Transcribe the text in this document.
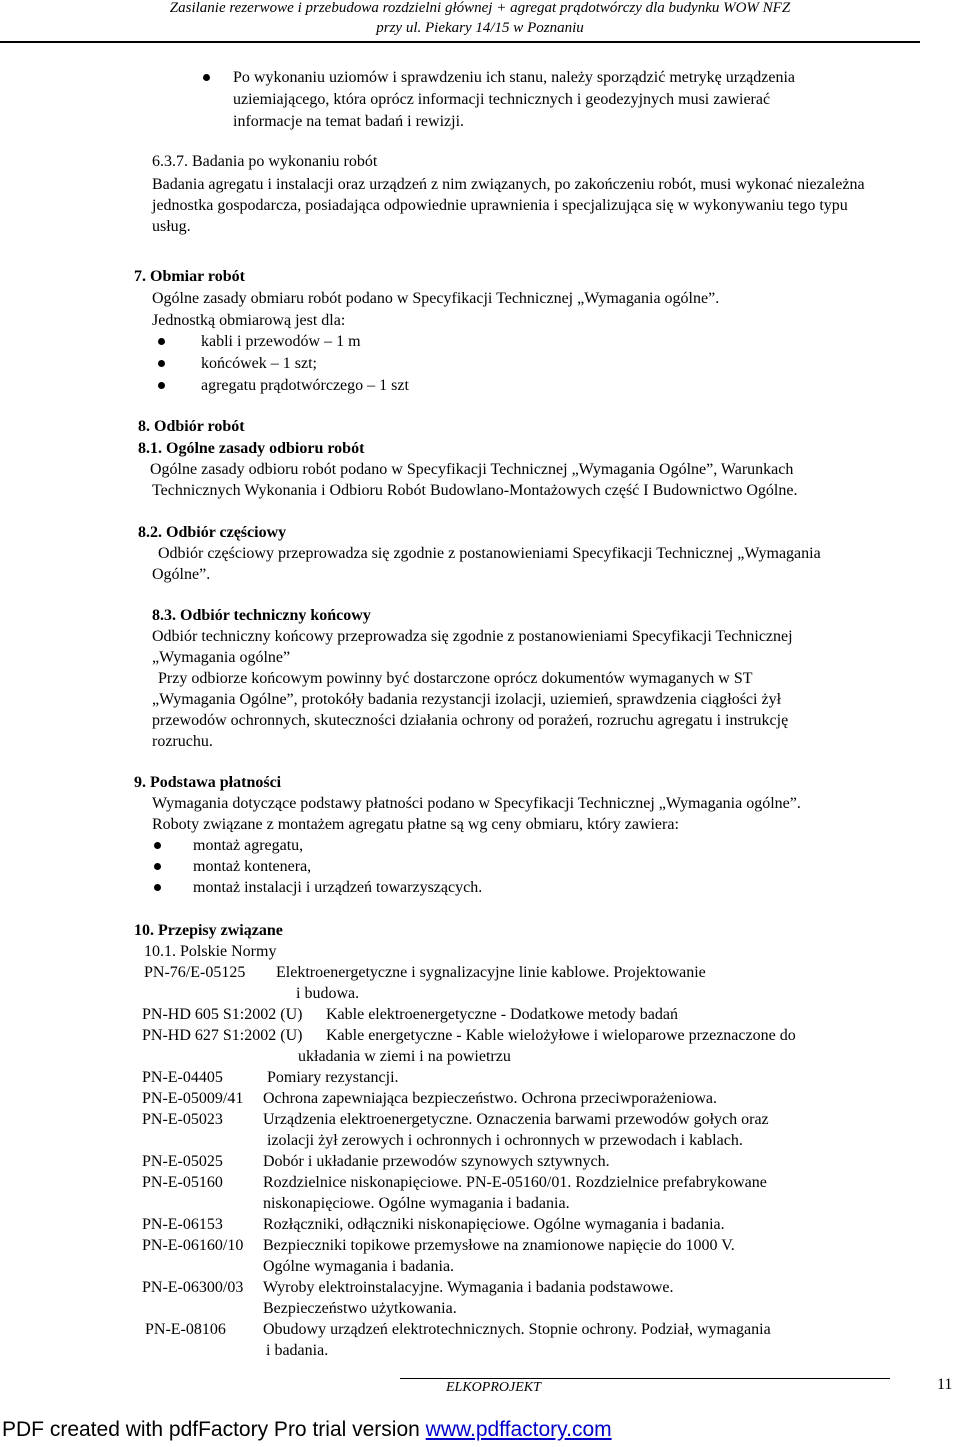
Zasilanie rezerwowe i przebudowa rozdzielni głównej + agregat prądotwórczy dla budynku WOW NFZ
przy ul. Piekary 14/15 w Poznaniu
Po wykonaniu uziomów i sprawdzeniu ich stanu, należy sporządzić metrykę urządzenia
uziemiającego, która oprócz informacji technicznych i geodezyjnych musi zawierać
informacje na temat badań i rewizji.
6.3.7. Badania po wykonaniu robót
Badania agregatu i instalacji oraz urządzeń z nim związanych, po zakończeniu robót, musi wykonać niezależna
jednostka gospodarcza, posiadająca odpowiednie uprawnienia i specjalizująca się w wykonywaniu tego typu
usług.
7. Obmiar robót
Ogólne zasady obmiaru robót podano w Specyfikacji Technicznej „Wymagania ogólne”.
Jednostką obmiarową jest dla:
kabli i przewodów – 1 m
końcówek – 1 szt;
agregatu prądotwórczego – 1 szt
8. Odbiór robót
8.1. Ogólne zasady odbioru robót
Ogólne zasady odbioru robót podano w Specyfikacji Technicznej „Wymagania Ogólne”, Warunkach
Technicznych Wykonania i Odbioru Robót Budowlano-Montażowych część I Budownictwo Ogólne.
8.2. Odbiór częściowy
Odbiór częściowy przeprowadza się zgodnie z postanowieniami Specyfikacji Technicznej „Wymagania
Ogólne”.
8.3. Odbiór techniczny końcowy
Odbiór techniczny końcowy przeprowadza się zgodnie z postanowieniami Specyfikacji Technicznej
„Wymagania ogólne”
Przy odbiorze końcowym powinny być dostarczone oprócz dokumentów wymaganych w ST
„Wymagania Ogólne”, protokóły badania rezystancji izolacji, uziemień, sprawdzenia ciągłości żył
przewodów ochronnych, skuteczności działania ochrony od porażeń, rozruchu agregatu i instrukcję
rozruchu.
9. Podstawa płatności
Wymagania dotyczące podstawy płatności podano w Specyfikacji Technicznej „Wymagania ogólne”.
Roboty związane z montażem agregatu płatne są wg ceny obmiaru, który zawiera:
montaż agregatu,
montaż kontenera,
montaż instalacji i urządzeń towarzyszących.
10. Przepisy związane
10.1. Polskie Normy
PN-76/E-05125 Elektroenergetyczne i sygnalizacyjne linie kablowe. Projektowanie
i budowa.
PN-HD 605 S1:2002 (U) Kable elektroenergetyczne - Dodatkowe metody badań
PN-HD 627 S1:2002 (U) Kable energetyczne - Kable wielożyłowe i wieloparowe przeznaczone do
układania w ziemi i na powietrzu
PN-E-04405	Pomiary rezystancji.
PN-E-05009/41 Ochrona zapewniająca bezpieczeństwo. Ochrona przeciwporażeniowa.
PN-E-05023	Urządzenia elektroenergetyczne. Oznaczenia barwami przewodów gołych oraz
izolacji żył zerowych i ochronnych i ochronnych w przewodach i kablach.
PN-E-05025	Dobór i układanie przewodów szynowych sztywnych.
PN-E-05160	Rozdzielnice niskonapięciowe. PN-E-05160/01. Rozdzielnice prefabrykowane
niskonapięciowe. Ogólne wymagania i badania.
PN-E-06153	Rozłączniki, odłączniki niskonapięciowe. Ogólne wymagania i badania.
PN-E-06160/10 Bezpieczniki topikowe przemysłowe na znamionowe napięcie do 1000 V.
Ogólne wymagania i badania.
PN-E-06300/03 Wyroby elektroinstalacyjne. Wymagania i badania podstawowe.
Bezpieczeństwo użytkowania.
PN-E-08106 Obudowy urządzeń elektrotechnicznych. Stopnie ochrony. Podział, wymagania
i badania.
ELKOPROJEKT	11
PDF created with pdfFactory Pro trial version www.pdffactory.com
